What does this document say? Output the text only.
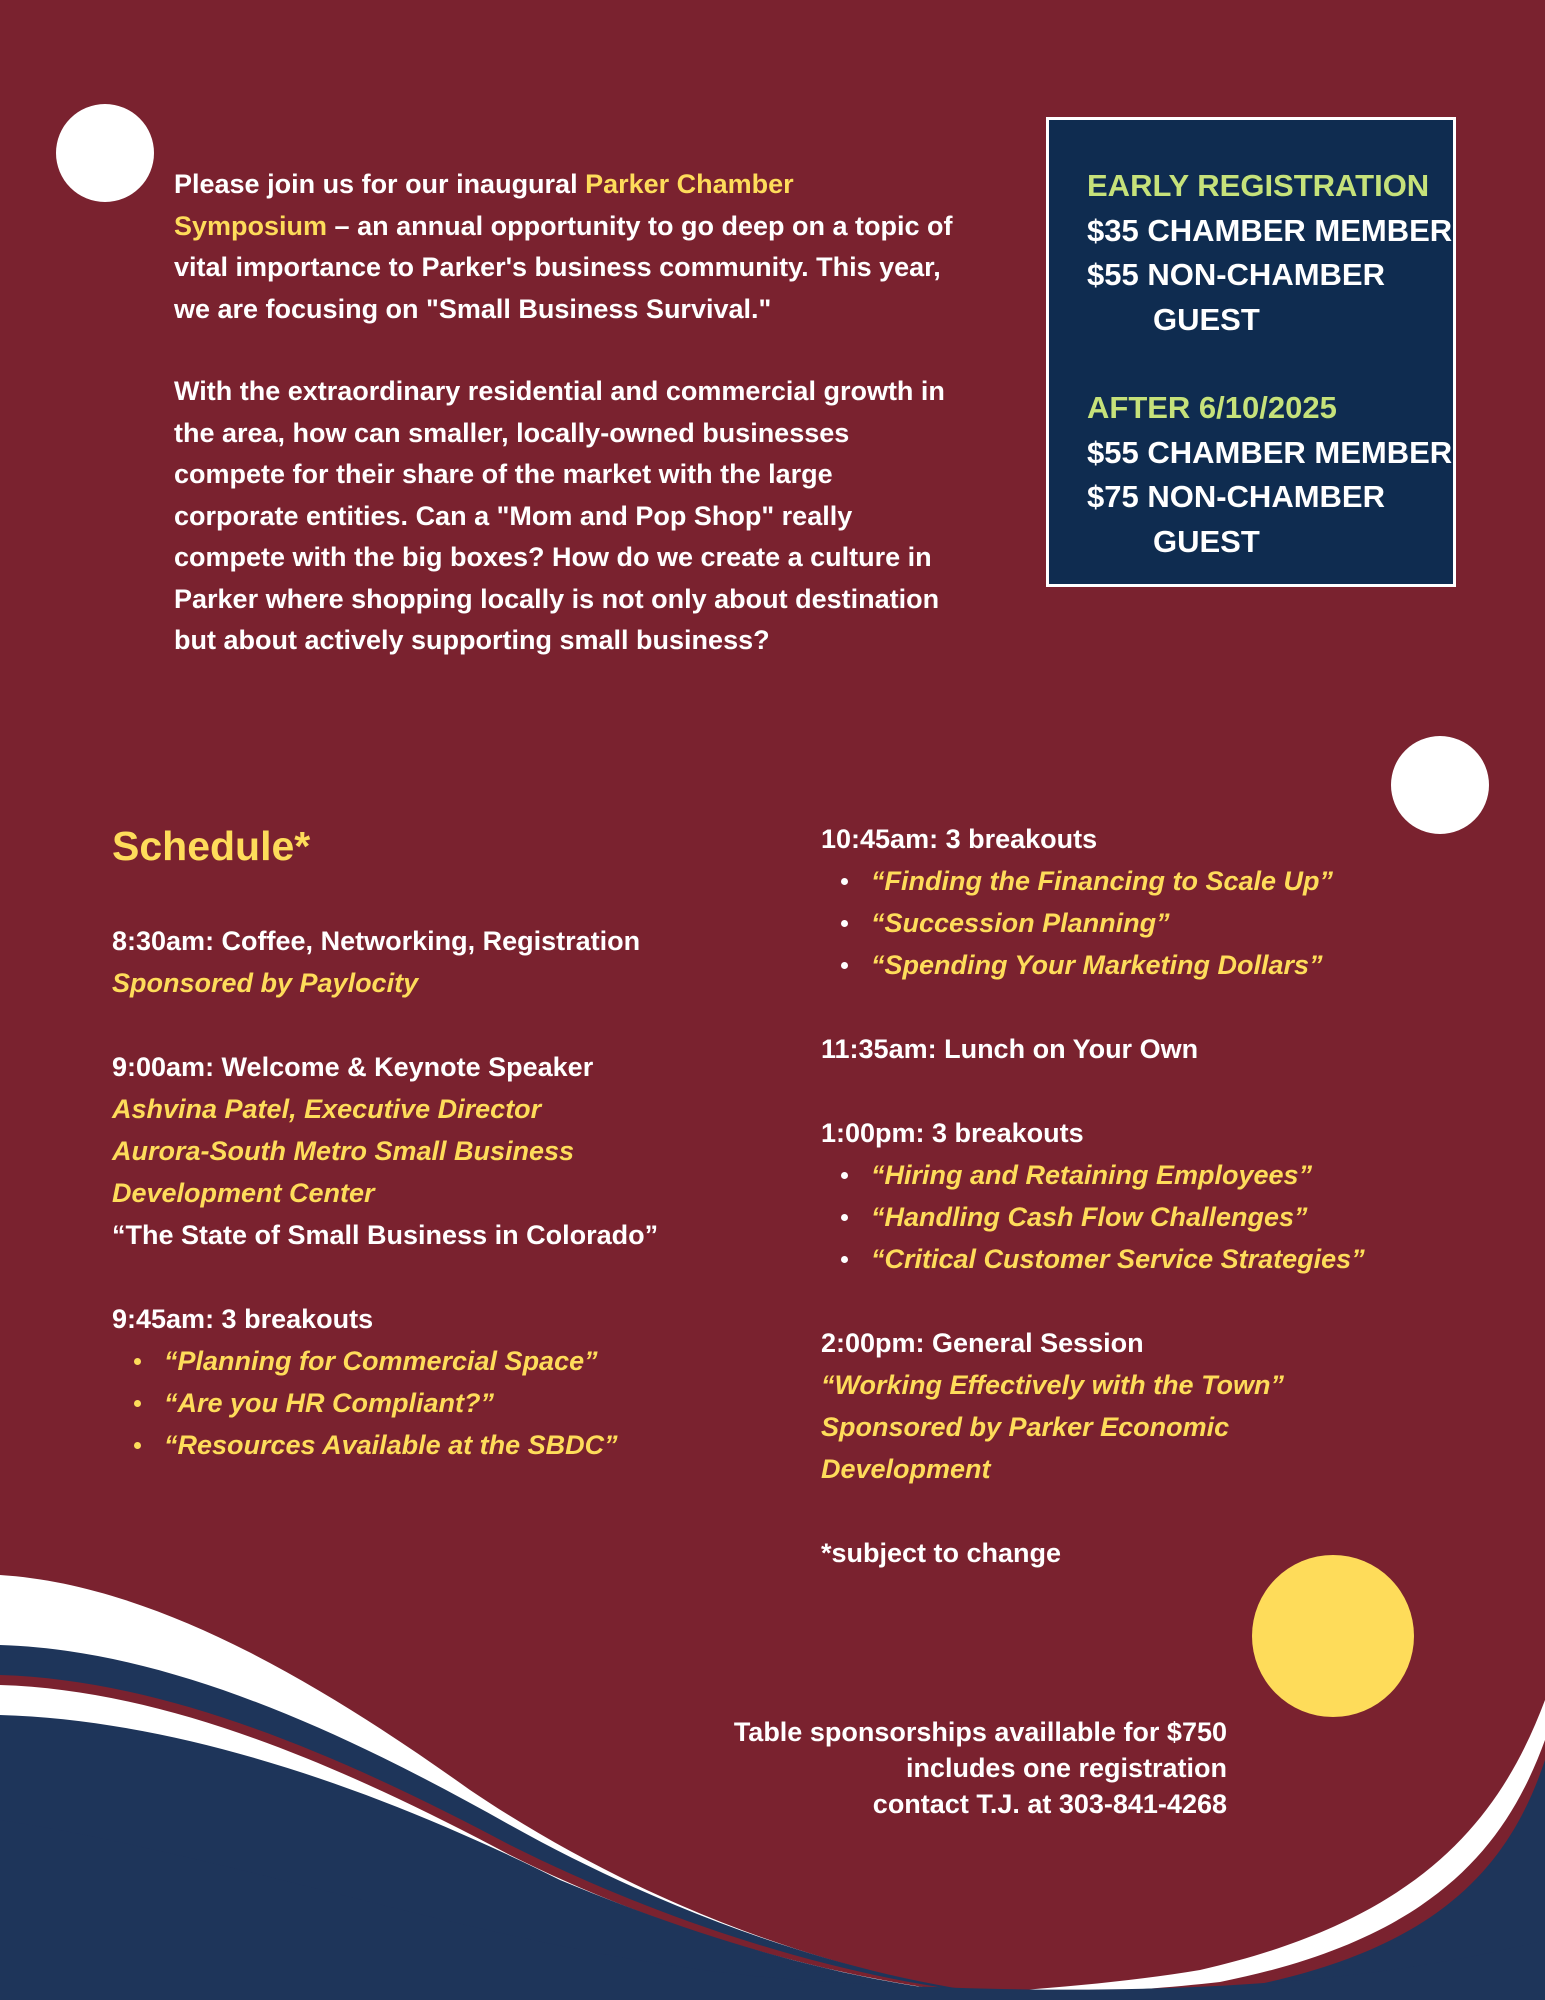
Please join us for our inaugural Parker Chamber Symposium – an annual opportunity to go deep on a topic of vital importance to Parker's business community. This year, we are focusing on "Small Business Survival."

With the extraordinary residential and commercial growth in the area, how can smaller, locally-owned businesses compete for their share of the market with the large corporate entities. Can a "Mom and Pop Shop" really compete with the big boxes? How do we create a culture in Parker where shopping locally is not only about destination but about actively supporting small business?

EARLY REGISTRATION
$35 CHAMBER MEMBER
$55 NON-CHAMBER
GUEST
AFTER 6/10/2025
$55 CHAMBER MEMBER
$75 NON-CHAMBER
GUEST
Schedule*
8:30am: Coffee, Networking, Registration
Sponsored by Paylocity
9:00am: Welcome & Keynote Speaker
Ashvina Patel, Executive Director
Aurora-South Metro Small Business
Development Center
“The State of Small Business in Colorado”
9:45am: 3 breakouts
“Planning for Commercial Space”
“Are you HR Compliant?”
“Resources Available at the SBDC”
10:45am: 3 breakouts
“Finding the Financing to Scale Up”
“Succession Planning”
“Spending Your Marketing Dollars”
11:35am: Lunch on Your Own
1:00pm: 3 breakouts
“Hiring and Retaining Employees”
“Handling Cash Flow Challenges”
“Critical Customer Service Strategies”
2:00pm: General Session
“Working Effectively with the Town”
Sponsored by Parker Economic
Development
*subject to change
Table sponsorships availlable for $750
includes one registration
contact T.J. at 303-841-4268
